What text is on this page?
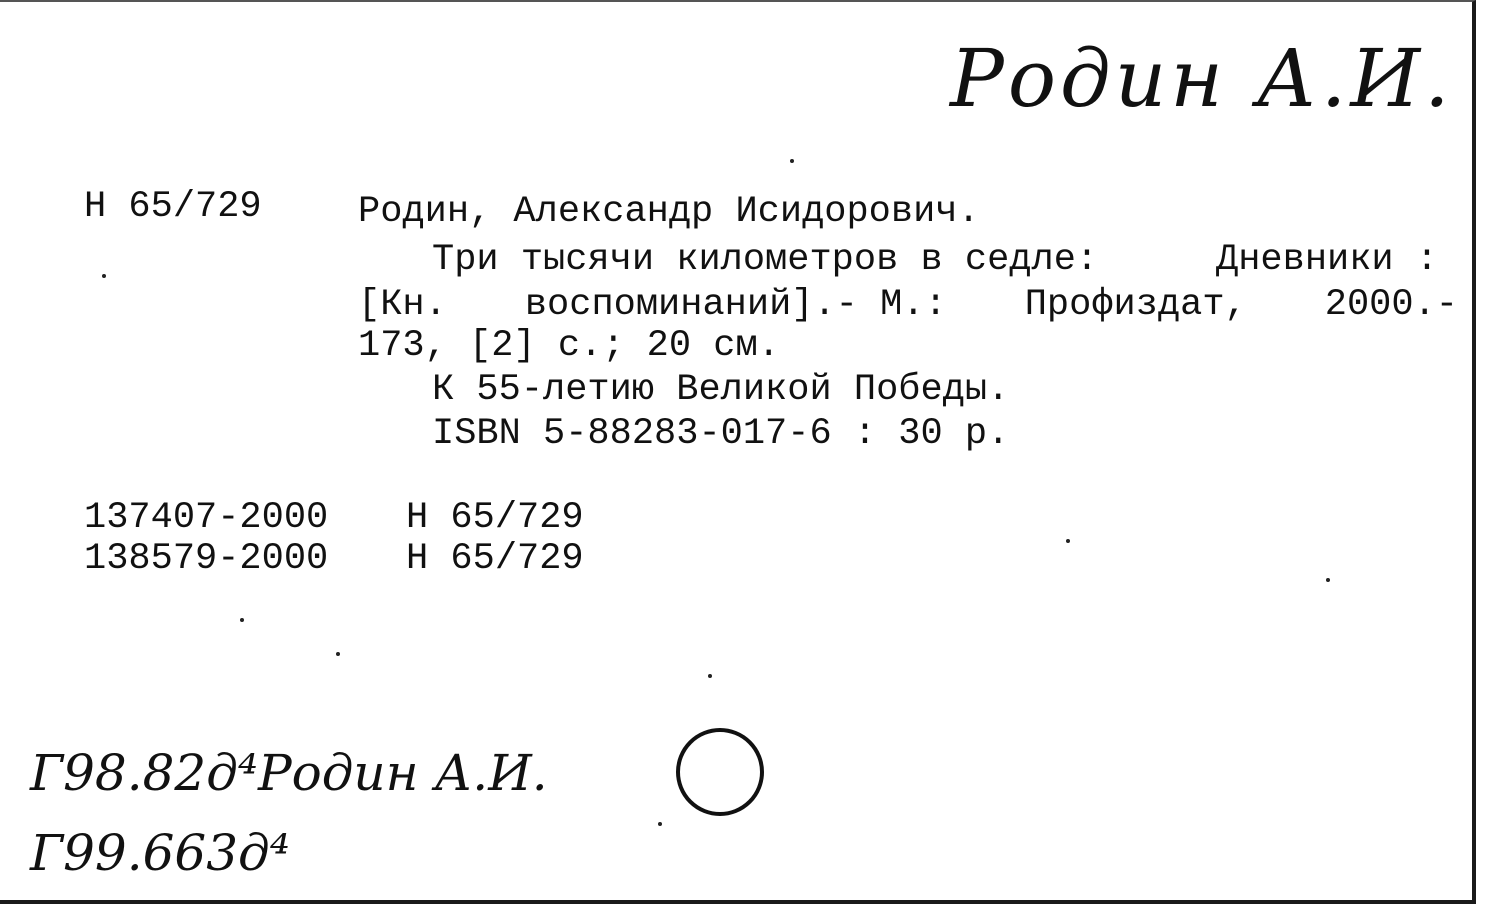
Родин А.И.
Н 65/729	Родин, Александр Исидорович.
Три тысячи километров в седле:	Дневники :
[Кн. воспоминаний].- М.: Профиздат, 2000.-
173, [2] с.; 20 см.
К 55-летию Великой Победы.
ISBN 5-88283-017-6 : 30 р.
137407-2000 Н 65/729
138579-2000 Н 65/729
Г98.82д⁴Родин А.И.
Г99.663д⁴
